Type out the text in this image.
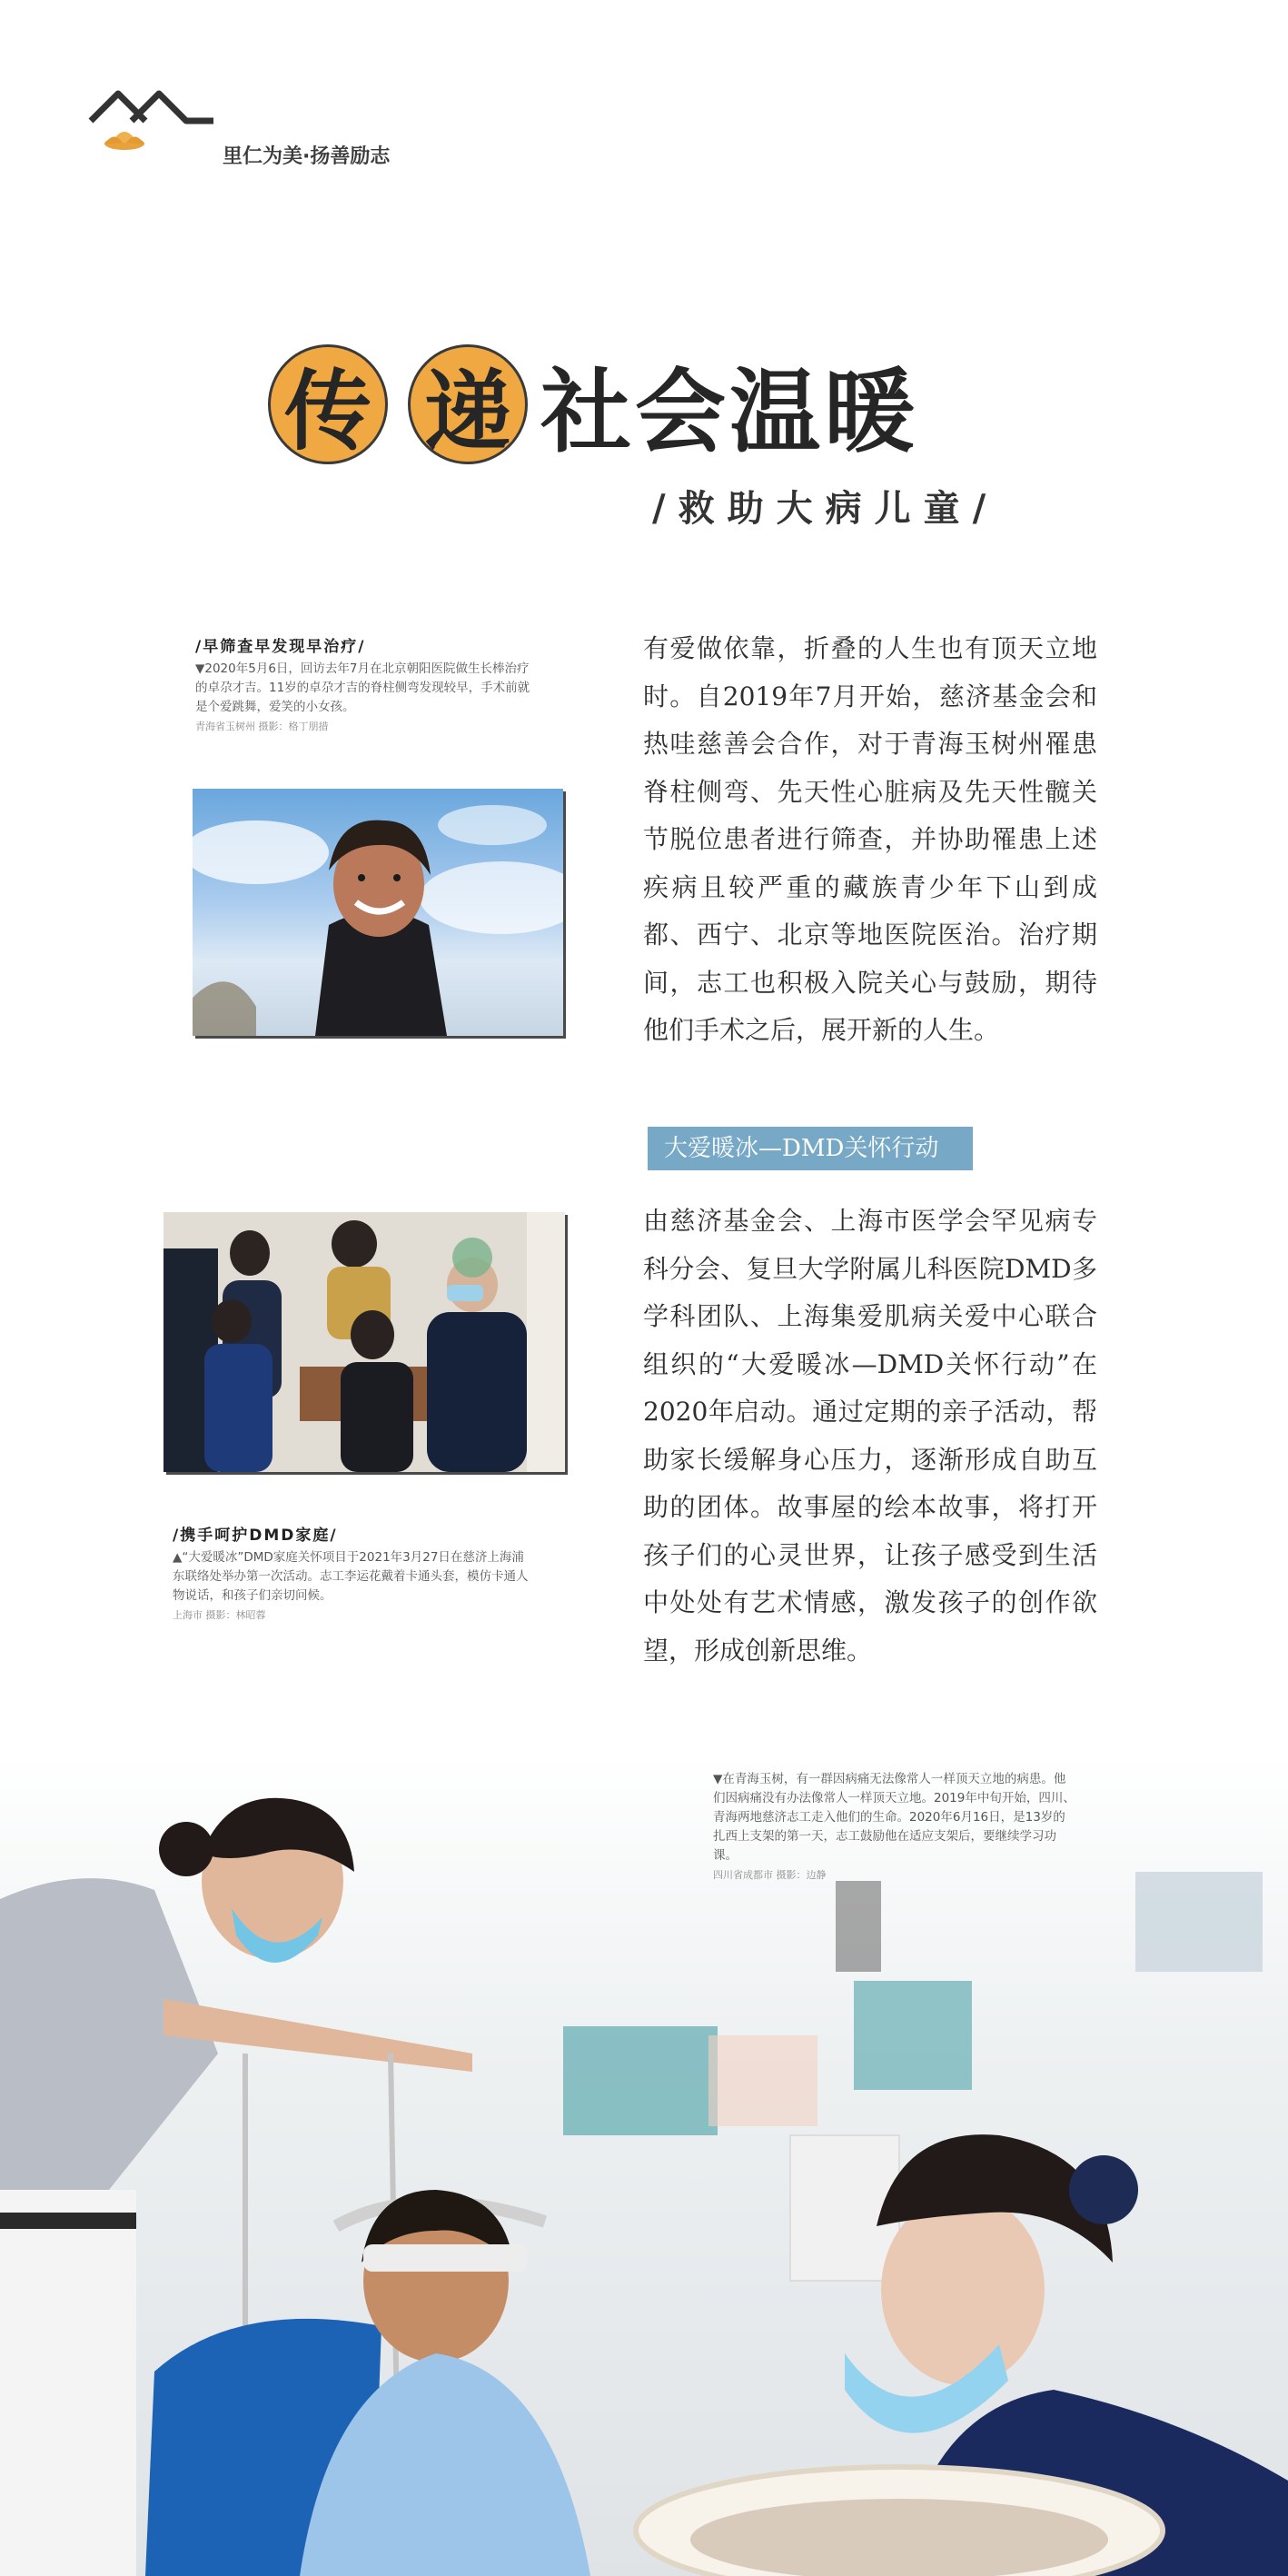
里仁为美·扬善励志
传 递 社会温暖
/救助大病儿童/
/早筛查早发现早治疗/
▼2020年5月6日，回访去年7月在北京朝阳医院做生长棒治疗的卓尕才吉。11岁的卓尕才吉的脊柱侧弯发现较早，手术前就是个爱跳舞，爱笑的小女孩。
青海省玉树州 摄影：格丁朋措
有爱做依靠，折叠的人生也有顶天立地时。自2019年7月开始，慈济基金会和热哇慈善会合作，对于青海玉树州罹患脊柱侧弯、先天性心脏病及先天性髋关节脱位患者进行筛查，并协助罹患上述疾病且较严重的藏族青少年下山到成都、西宁、北京等地医院医治。治疗期间，志工也积极入院关心与鼓励，期待他们手术之后，展开新的人生。
大爱暖冰—DMD关怀行动
由慈济基金会、上海市医学会罕见病专科分会、复旦大学附属儿科医院DMD多学科团队、上海集爱肌病关爱中心联合组织的“大爱暖冰—DMD关怀行动”在2020年启动。通过定期的亲子活动，帮助家长缓解身心压力，逐渐形成自助互助的团体。故事屋的绘本故事，将打开孩子们的心灵世界，让孩子感受到生活中处处有艺术情感，激发孩子的创作欲望，形成创新思维。
/携手呵护DMD家庭/
▲“大爱暖冰”DMD家庭关怀项目于2021年3月27日在慈济上海浦东联络处举办第一次活动。志工李运花戴着卡通头套，模仿卡通人物说话，和孩子们亲切问候。
上海市 摄影：林昭蓉
▼在青海玉树，有一群因病痛无法像常人一样顶天立地的病患。他们因病痛没有办法像常人一样顶天立地。2019年中旬开始，四川、青海两地慈济志工走入他们的生命。2020年6月16日，是13岁的扎西上支架的第一天，志工鼓励他在适应支架后，要继续学习功课。
四川省成都市 摄影：边静
